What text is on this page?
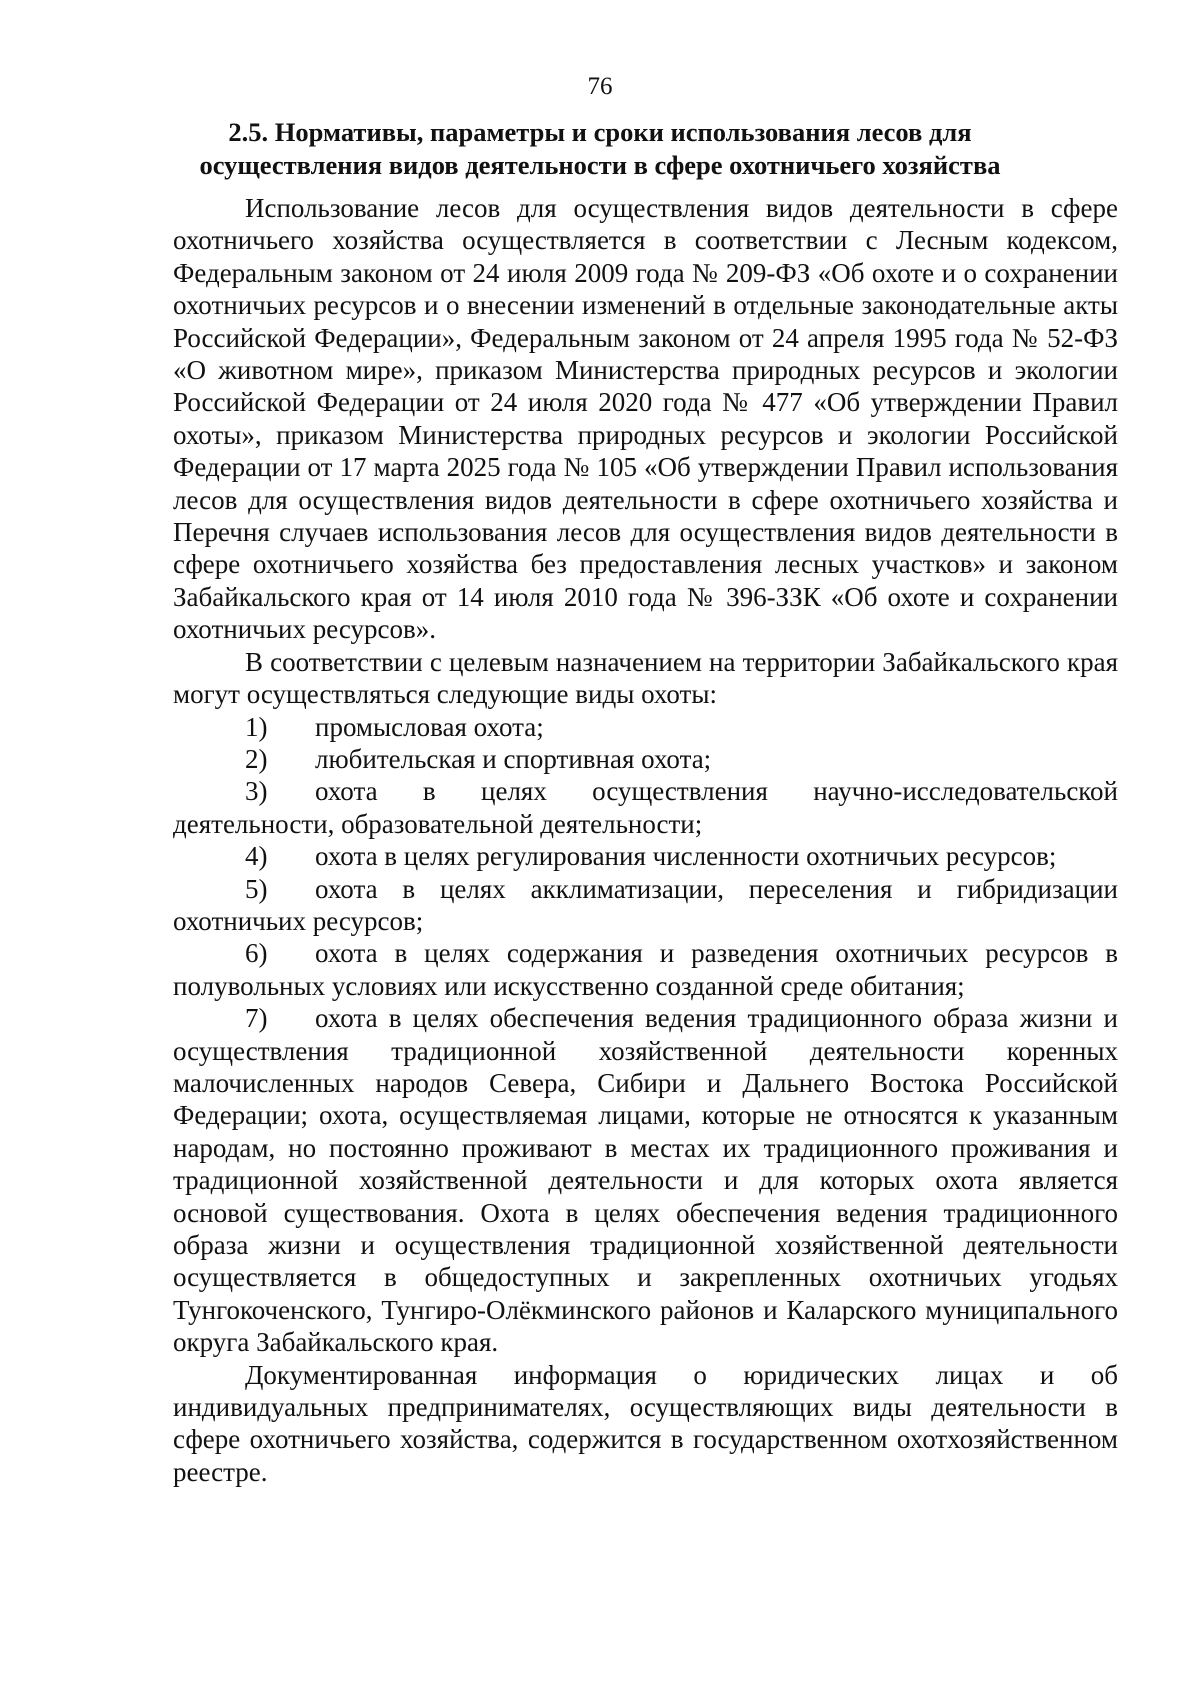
76
2.5. Нормативы, параметры и сроки использования лесов для
осуществления видов деятельности в сфере охотничьего хозяйства

Использование лесов для осуществления видов деятельности в сфере охотничьего хозяйства осуществляется в соответствии с Лесным кодексом, Федеральным законом от 24 июля 2009 года № 209-ФЗ «Об охоте и о сохранении охотничьих ресурсов и о внесении изменений в отдельные законодательные акты Российской Федерации», Федеральным законом от 24 апреля 1995 года № 52-ФЗ «О животном мире», приказом Министерства природных ресурсов и экологии Российской Федерации от 24 июля 2020 года № 477 «Об утверждении Правил охоты», приказом Министерства природных ресурсов и экологии Российской Федерации от 17 марта 2025 года № 105 «Об утверждении Правил использования лесов для осуществления видов деятельности в сфере охотничьего хозяйства и Перечня случаев использования лесов для осуществления видов деятельности в сфере охотничьего хозяйства без предоставления лесных участков» и законом Забайкальского края от 14 июля 2010 года № 396-ЗЗК «Об охоте и сохранении охотничьих ресурсов».

В соответствии с целевым назначением на территории Забайкальского края могут осуществляться следующие виды охоты:

1) промысловая охота;

2) любительская и спортивная охота;

3) охота в целях осуществления научно-исследовательской деятельности, образовательной деятельности;

4) охота в целях регулирования численности охотничьих ресурсов;

5) охота в целях акклиматизации, переселения и гибридизации охотничьих ресурсов;

6) охота в целях содержания и разведения охотничьих ресурсов в полувольных условиях или искусственно созданной среде обитания;

7) охота в целях обеспечения ведения традиционного образа жизни и осуществления традиционной хозяйственной деятельности коренных малочисленных народов Севера, Сибири и Дальнего Востока Российской Федерации; охота, осуществляемая лицами, которые не относятся к указанным народам, но постоянно проживают в местах их традиционного проживания и традиционной хозяйственной деятельности и для которых охота является основой существования. Охота в целях обеспечения ведения традиционного образа жизни и осуществления традиционной хозяйственной деятельности осуществляется в общедоступных и закрепленных охотничьих угодьях Тунгокоченского, Тунгиро-Олёкминского районов и Каларского муниципального округа Забайкальского края.

Документированная информация о юридических лицах и об индивидуальных предпринимателях, осуществляющих виды деятельности в сфере охотничьего хозяйства, содержится в государственном охотхозяйственном реестре.
